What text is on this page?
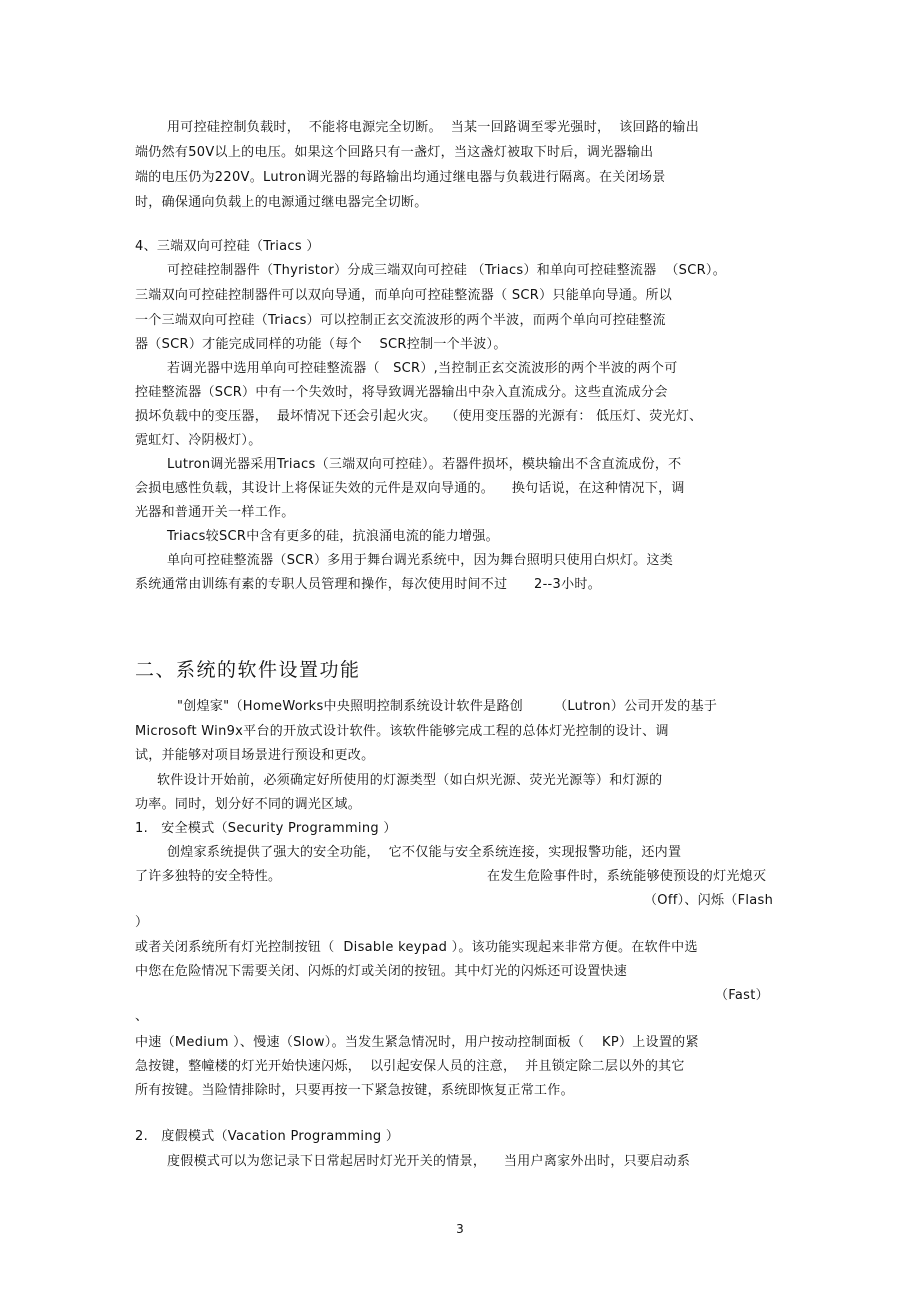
用可控硅控制负载时，  不能将电源完全切断。  当某一回路调至零光强时，  该回路的输出
端仍然有50V以上的电压。如果这个回路只有一盏灯，当这盏灯被取下时后，调光器输出
端的电压仍为220V。Lutron调光器的每路输出均通过继电器与负载进行隔离。在关闭场景
时，确保通向负载上的电源通过继电器完全切断。
4、三端双向可控硅（Triacs ）
可控硅控制器件（Thyristor）分成三端双向可控硅 （Triacs）和单向可控硅整流器  （SCR）。
三端双向可控硅控制器件可以双向导通，而单向可控硅整流器（ SCR）只能单向导通。所以
一个三端双向可控硅（Triacs）可以控制正玄交流波形的两个半波，而两个单向可控硅整流
器（SCR）才能完成同样的功能（每个    SCR控制一个半波）。
若调光器中选用单向可控硅整流器（   SCR）,当控制正玄交流波形的两个半波的两个可
控硅整流器（SCR）中有一个失效时，将导致调光器输出中杂入直流成分。这些直流成分会
损坏负载中的变压器，  最坏情况下还会引起火灾。  （使用变压器的光源有： 低压灯、荧光灯、
霓虹灯、冷阴极灯）。
Lutron调光器采用Triacs（三端双向可控硅）。若器件损坏，模块输出不含直流成份，不
会损电感性负载，其设计上将保证失效的元件是双向导通的。    换句话说，在这种情况下，调
光器和普通开关一样工作。
Triacs较SCR中含有更多的硅，抗浪涌电流的能力增强。
单向可控硅整流器（SCR）多用于舞台调光系统中，因为舞台照明只使用白炽灯。这类
系统通常由训练有素的专职人员管理和操作，每次使用时间不过      2--3小时。
二、系统的软件设置功能
"创煌家"（HomeWorks中央照明控制系统设计软件是路创       （Lutron）公司开发的基于
Microsoft Win9x平台的开放式设计软件。该软件能够完成工程的总体灯光控制的设计、调
试，并能够对项目场景进行预设和更改。
软件设计开始前，必须确定好所使用的灯源类型（如白炽光源、荧光光源等）和灯源的
功率。同时，划分好不同的调光区域。
1.   安全模式（Security Programming ）
创煌家系统提供了强大的安全功能，  它不仅能与安全系统连接，实现报警功能，还内置
了许多独特的安全特性。	在发生危险事件时，系统能够使预设的灯光熄灭
（Off）、闪烁（Flash
）
或者关闭系统所有灯光控制按钮（  Disable keypad ）。该功能实现起来非常方便。在软件中选
中您在危险情况下需要关闭、闪烁的灯或关闭的按钮。其中灯光的闪烁还可设置快速
（Fast）
、
中速（Medium ）、慢速（Slow）。当发生紧急情况时，用户按动控制面板（    KP）上设置的紧
急按键，整幢楼的灯光开始快速闪烁，  以引起安保人员的注意，  并且锁定除二层以外的其它
所有按键。当险情排除时，只要再按一下紧急按键，系统即恢复正常工作。
2.   度假模式（Vacation Programming ）
度假模式可以为您记录下日常起居时灯光开关的情景，    当用户离家外出时，只要启动系
3
